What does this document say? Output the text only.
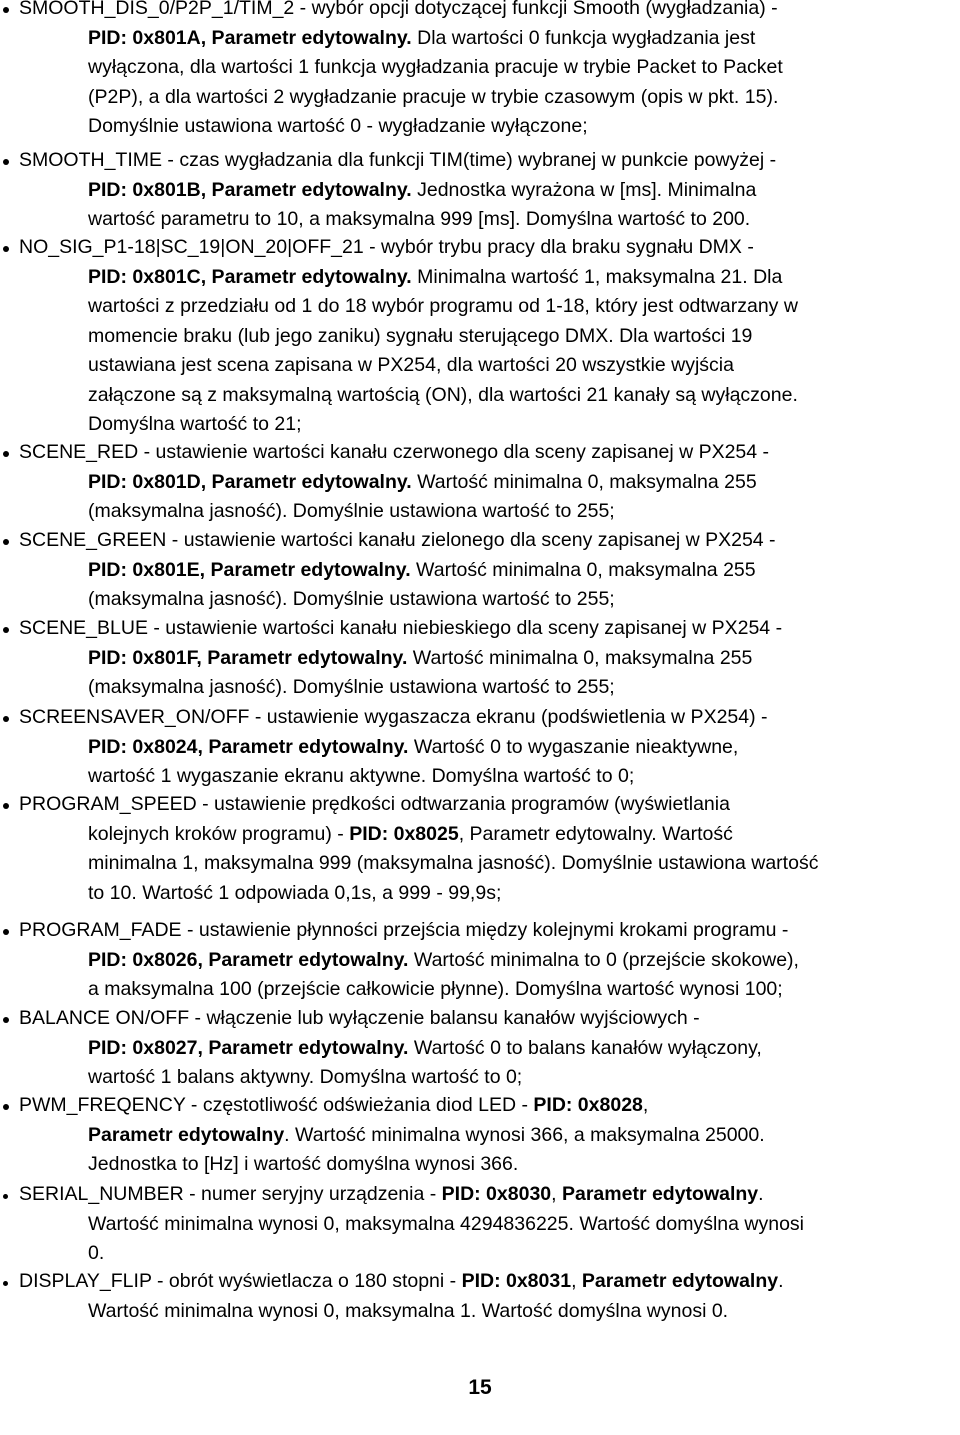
15
SMOOTH_DIS_0/P2P_1/TIM_2 - wybór opcji dotyczącej funkcji Smooth (wygładzania) -
PID: 0x801A, Parametr edytowalny. Dla wartości 0 funkcja wygładzania jest
wyłączona, dla wartości 1 funkcja wygładzania pracuje w trybie Packet to Packet
(P2P), a dla wartości 2 wygładzanie pracuje w trybie czasowym (opis w pkt. 15).
Domyślnie ustawiona wartość 0 - wygładzanie wyłączone;
SMOOTH_TIME - czas wygładzania dla funkcji TIM(time) wybranej w punkcie powyżej -
PID: 0x801B, Parametr edytowalny. Jednostka wyrażona w [ms]. Minimalna
wartość parametru to 10, a maksymalna 999 [ms]. Domyślna wartość to 200.
NO_SIG_P1-18|SC_19|ON_20|OFF_21 - wybór trybu pracy dla braku sygnału DMX -
PID: 0x801C, Parametr edytowalny. Minimalna wartość 1, maksymalna 21. Dla
wartości z przedziału od 1 do 18 wybór programu od 1-18, który jest odtwarzany w
momencie braku (lub jego zaniku) sygnału sterującego DMX. Dla wartości 19
ustawiana jest scena zapisana w PX254, dla wartości 20 wszystkie wyjścia
załączone są z maksymalną wartością (ON), dla wartości 21 kanały są wyłączone.
Domyślna wartość to 21;
SCENE_RED - ustawienie wartości kanału czerwonego dla sceny zapisanej w PX254 -
PID: 0x801D, Parametr edytowalny. Wartość minimalna 0, maksymalna 255
(maksymalna jasność). Domyślnie ustawiona wartość to 255;
SCENE_GREEN - ustawienie wartości kanału zielonego dla sceny zapisanej w PX254 -
PID: 0x801E, Parametr edytowalny. Wartość minimalna 0, maksymalna 255
(maksymalna jasność). Domyślnie ustawiona wartość to 255;
SCENE_BLUE - ustawienie wartości kanału niebieskiego dla sceny zapisanej w PX254 -
PID: 0x801F, Parametr edytowalny. Wartość minimalna 0, maksymalna 255
(maksymalna jasność). Domyślnie ustawiona wartość to 255;
SCREENSAVER_ON/OFF - ustawienie wygaszacza ekranu (podświetlenia w PX254) -
PID: 0x8024, Parametr edytowalny. Wartość 0 to wygaszanie nieaktywne,
wartość 1 wygaszanie ekranu aktywne. Domyślna wartość to 0;
PROGRAM_SPEED - ustawienie prędkości odtwarzania programów (wyświetlania
kolejnych kroków programu) - PID: 0x8025, Parametr edytowalny. Wartość
minimalna 1, maksymalna 999 (maksymalna jasność). Domyślnie ustawiona wartość
to 10. Wartość 1 odpowiada 0,1s, a 999 - 99,9s;
PROGRAM_FADE - ustawienie płynności przejścia między kolejnymi krokami programu -
PID: 0x8026, Parametr edytowalny. Wartość minimalna to 0 (przejście skokowe),
a maksymalna 100 (przejście całkowicie płynne). Domyślna wartość wynosi 100;
BALANCE ON/OFF - włączenie lub wyłączenie balansu kanałów wyjściowych -
PID: 0x8027, Parametr edytowalny. Wartość 0 to balans kanałów wyłączony,
wartość 1 balans aktywny. Domyślna wartość to 0;
PWM_FREQENCY - częstotliwość odświeżania diod LED - PID: 0x8028,
Parametr edytowalny. Wartość minimalna wynosi 366, a maksymalna 25000.
Jednostka to [Hz] i wartość domyślna wynosi 366.
SERIAL_NUMBER - numer seryjny urządzenia - PID: 0x8030, Parametr edytowalny.
Wartość minimalna wynosi 0, maksymalna 4294836225. Wartość domyślna wynosi
0.
DISPLAY_FLIP - obrót wyświetlacza o 180 stopni - PID: 0x8031, Parametr edytowalny.
Wartość minimalna wynosi 0, maksymalna 1. Wartość domyślna wynosi 0.
